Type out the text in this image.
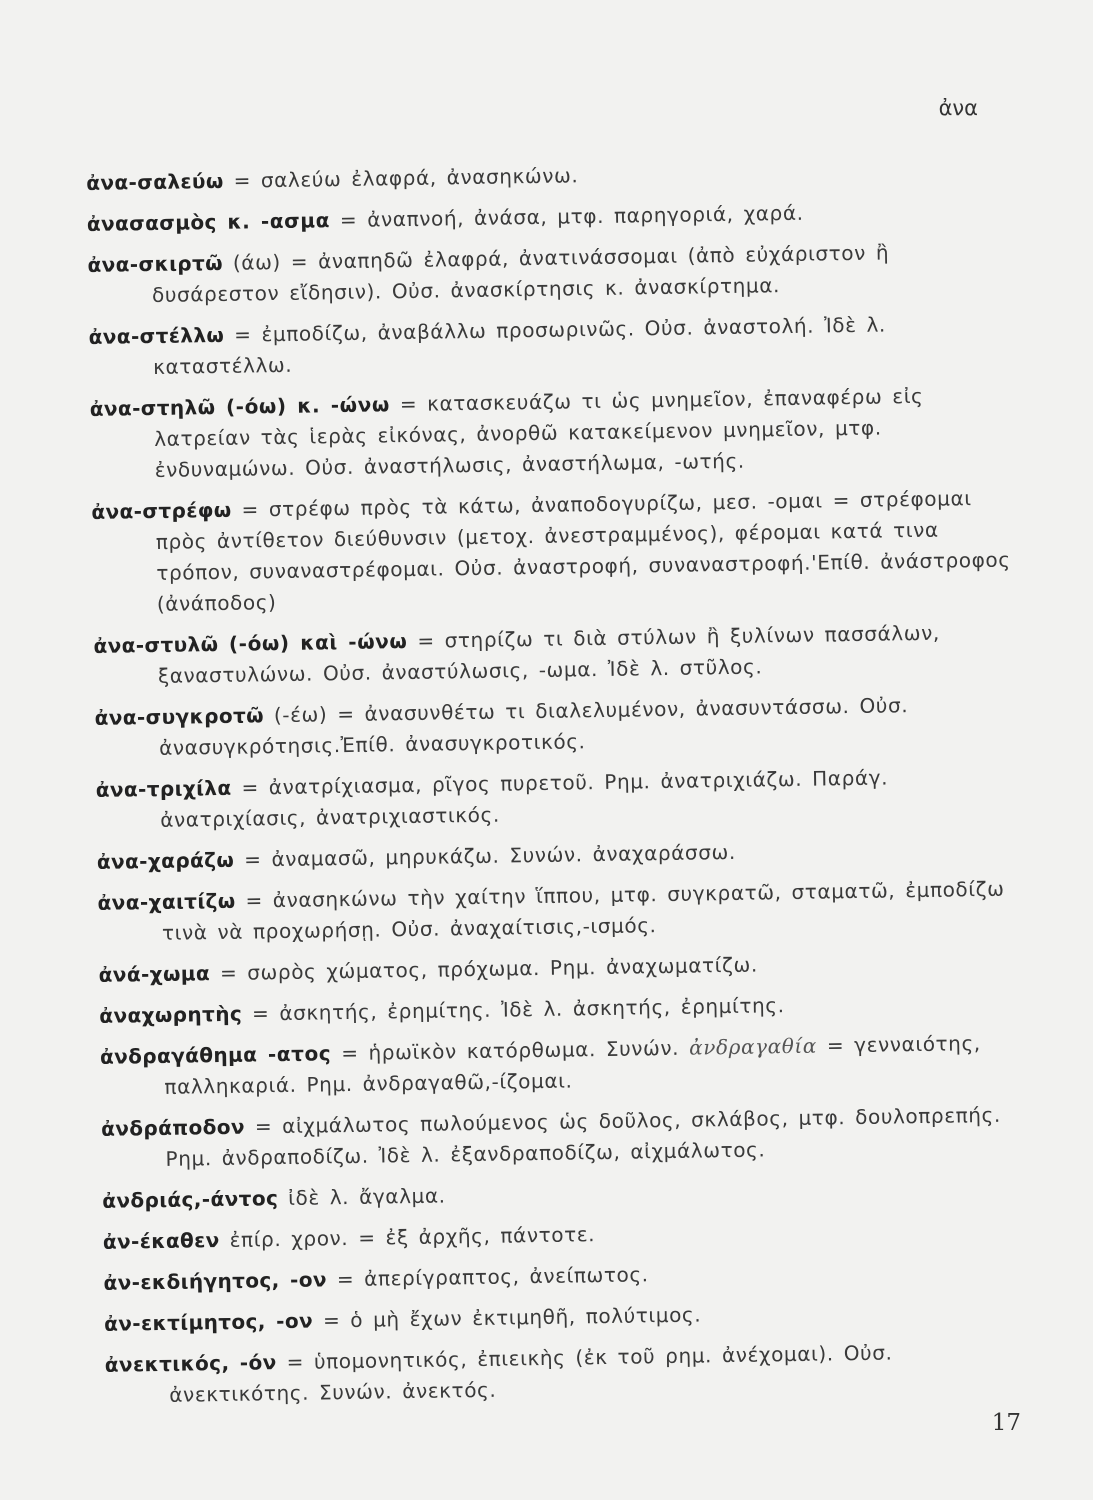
ἀνα
ἀνα-σαλεύω = σαλεύω ἐλαφρά, ἀνασηκώνω.
ἀνασασμὸς κ. -ασμα = ἀναπνοή, ἀνάσα, μτφ. παρηγοριά, χαρά.
ἀνα-σκιρτῶ (άω) = ἀναπηδῶ ἐλαφρά, ἀνατινάσσομαι (ἀπὸ εὐχάριστον ἢ δυσάρεστον εἴδησιν). Οὐσ. ἀνασκίρτησις κ. ἀνασκίρτημα.
ἀνα-στέλλω = ἐμποδίζω, ἀναβάλλω προσωρινῶς. Οὐσ. ἀναστολή. Ἰδὲ λ. καταστέλλω.
ἀνα-στηλῶ (-όω) κ. -ώνω = κατασκευάζω τι ὡς μνημεῖον, ἐπαναφέρω εἰς λατρείαν τὰς ἱερὰς εἰκόνας, ἀνορθῶ κατακείμενον μνημεῖον, μτφ. ἐνδυναμώνω. Οὐσ. ἀναστήλωσις, ἀναστήλωμα, -ωτής.
ἀνα-στρέφω = στρέφω πρὸς τὰ κάτω, ἀναποδογυρίζω, μεσ. -ομαι = στρέφομαι πρὸς ἀντίθετον διεύθυνσιν (μετοχ. ἀνεστραμμένος), φέρομαι κατά τινα τρόπον, συναναστρέφομαι. Οὐσ. ἀναστροφή, συναναστροφή.'Επίθ. ἀνάστροφος (ἀνάποδος)
ἀνα-στυλῶ (-όω) καὶ -ώνω = στηρίζω τι διὰ στύλων ἢ ξυλίνων πασσάλων, ξαναστυλώνω. Οὐσ. ἀναστύλωσις, -ωμα. Ἰδὲ λ. στῦλος.
ἀνα-συγκροτῶ (-έω) = ἀνασυνθέτω τι διαλελυμένον, ἀνασυντάσσω. Οὐσ. ἀνασυγκρότησις.Ἐπίθ. ἀνασυγκροτικός.
ἀνα-τριχίλα = ἀνατρίχιασμα, ρῖγος πυρετοῦ. Ρημ. ἀνατριχιάζω. Παράγ. ἀνατριχίασις, ἀνατριχιαστικός.
ἀνα-χαράζω = ἀναμασῶ, μηρυκάζω. Συνών. ἀναχαράσσω.
ἀνα-χαιτίζω = ἀνασηκώνω τὴν χαίτην ἵππου, μτφ. συγκρατῶ, σταματῶ, ἐμποδίζω τινὰ νὰ προχωρήσῃ. Οὐσ. ἀναχαίτισις,-ισμός.
ἀνά-χωμα = σωρὸς χώματος, πρόχωμα. Ρημ. ἀναχωματίζω.
ἀναχωρητὴς = ἀσκητής, ἐρημίτης. Ἰδὲ λ. ἀσκητής, ἐρημίτης.
ἀνδραγάθημα -ατος = ἡρωϊκὸν κατόρθωμα. Συνών. ἀνδραγαθία = γενναιότης, παλληκαριά. Ρημ. ἀνδραγαθῶ,-ίζομαι.
ἀνδράποδον = αἰχμάλωτος πωλούμενος ὡς δοῦλος, σκλάβος, μτφ. δουλοπρεπής. Ρημ. ἀνδραποδίζω. Ἰδὲ λ. ἐξανδραποδίζω, αἰχμάλωτος.
ἀνδριάς,-άντος ἰδὲ λ. ἄγαλμα.
ἀν-έκαθεν ἐπίρ. χρον. = ἐξ ἀρχῆς, πάντοτε.
ἀν-εκδιήγητος, -ον = ἀπερίγραπτος, ἀνείπωτος.
ἀν-εκτίμητος, -ον = ὁ μὴ ἔχων ἐκτιμηθῆ, πολύτιμος.
ἀνεκτικός, -όν = ὑπομονητικός, ἐπιεικὴς (ἐκ τοῦ ρημ. ἀνέχομαι). Οὐσ. ἀνεκτικότης. Συνών. ἀνεκτός.
17
